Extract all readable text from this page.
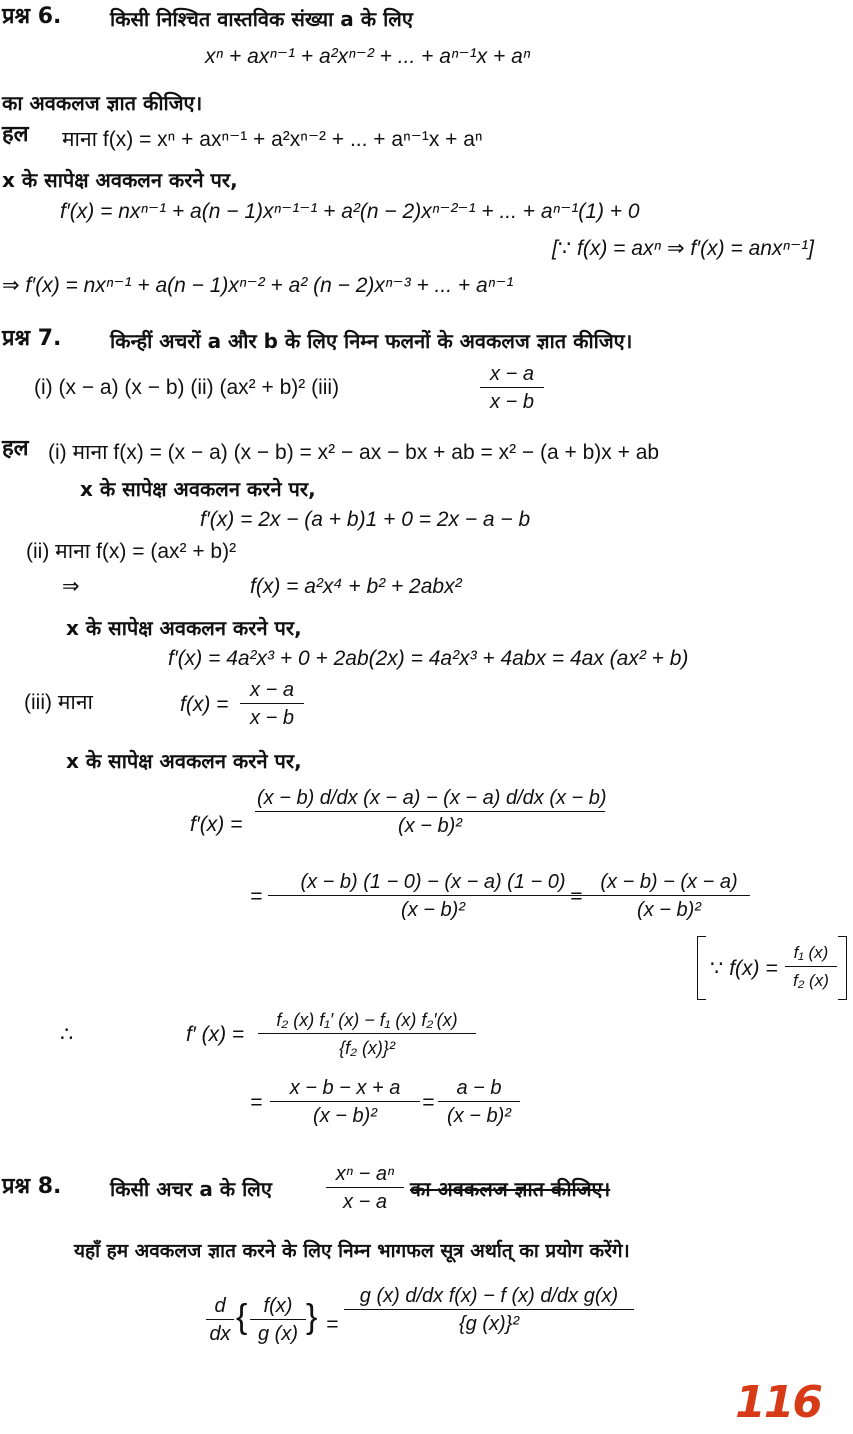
प्रश्न 6. किसी निश्चित वास्तविक संख्या a के लिए
xⁿ + axⁿ⁻¹ + a²xⁿ⁻² + ... + aⁿ⁻¹x + aⁿ
का अवकलज ज्ञात कीजिए।
हल माना f(x) = xⁿ + axⁿ⁻¹ + a²xⁿ⁻² + ... + aⁿ⁻¹x + aⁿ
x के सापेक्ष अवकलन करने पर,
f′(x) = nxⁿ⁻¹ + a(n − 1)xⁿ⁻¹⁻¹ + a²(n − 2)xⁿ⁻²⁻¹ + ... + aⁿ⁻¹(1) + 0
[∵ f(x) = axⁿ ⇒ f′(x) = anxⁿ⁻¹]
⇒ f′(x) = nxⁿ⁻¹ + a(n − 1)xⁿ⁻² + a² (n − 2)xⁿ⁻³ + ... + aⁿ⁻¹
प्रश्न 7. किन्हीं अचरों a और b के लिए निम्न फलनों के अवकलज ज्ञात कीजिए।
(i) (x − a) (x − b) (ii) (ax² + b)² (iii)	$\frac{x - a}{x - b}$
हल (i) माना f(x) = (x − a) (x − b) = x² − ax − bx + ab = x² − (a + b)x + ab
x के सापेक्ष अवकलन करने पर,
f′(x) = 2x − (a + b)1 + 0 = 2x − a − b
(ii) माना f(x) = (ax² + b)²
⇒	f(x) = a²x⁴ + b² + 2abx²
x के सापेक्ष अवकलन करने पर,
f′(x) = 4a²x³ + 0 + 2ab(2x) = 4a²x³ + 4abx = 4ax (ax² + b)
(iii) माना	$f(x) = \frac{x - a}{x - b}$
x के सापेक्ष अवकलन करने पर,
$f'(x) = \frac{(x - b) d/dx (x - a) - (x - a) d/dx (x - b)}{\text{(x − b)²}}$
= $\frac{(x - b) (1 - 0) - (x - a) (1 - 0)}{\text{(x − b)²}}$
= $\frac{(x - b) - (x - a)}{\text{(x − b)²}}$
∵ $f(x) = \frac{\text{f₁ (x)}}{\text{f₂ (x)}}$
∴	f′ $(x) = \frac{\text{f₂ (x) f₁′ (x) − f₁ (x) f₂′(x)}}{\text{\{f₂ (x)\}²}}$
= $\frac{x - b - x + a}{\text{(x − b)²}} = \frac{a - b}{\text{(x − b)²}}$
प्रश्न 8. किसी अचर a के लिए	$\frac{\text{xⁿ − aⁿ}}{x - a}$ का अवकलज ज्ञात कीजिए।
यहाँ हम अवकलज ज्ञात करने के लिए निम्न भागफल सूत्र अर्थात् का प्रयोग करेंगे।
$\frac{d}{dx}$ { $\frac{f(x)}{g (x)}$ } = $\frac{\text{g (x) d/dx f(x) − f (x) d/dx g(x)}}{\text{\{g (x)\}²}}$
116
